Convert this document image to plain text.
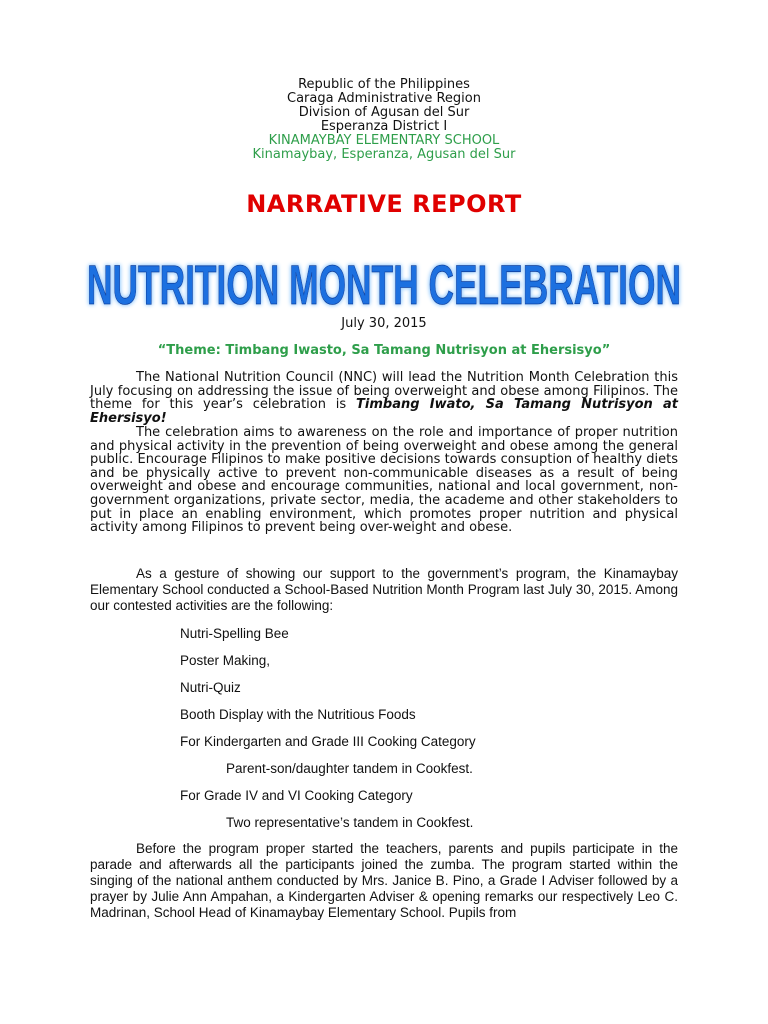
Republic of the Philippines
Caraga Administrative Region
Division of Agusan del Sur
Esperanza District I
KINAMAYBAY ELEMENTARY SCHOOL
Kinamaybay, Esperanza, Agusan del Sur
NARRATIVE REPORT
NUTRITION MONTH CELEBRATION
July 30, 2015
“Theme: Timbang Iwasto, Sa Tamang Nutrisyon at Ehersisyo”
The National Nutrition Council (NNC) will lead the Nutrition Month Celebration this July focusing on addressing the issue of being overweight and obese among Filipinos. The theme for this year’s celebration is Timbang Iwato, Sa Tamang Nutrisyon at Ehersisyo!
The celebration aims to awareness on the role and importance of proper nutrition and physical activity in the prevention of being overweight and obese among the general public. Encourage Filipinos to make positive decisions towards consuption of healthy diets and be physically active to prevent non-communicable diseases as a result of being overweight and obese and encourage communities, national and local government, non-government organizations, private sector, media, the academe and other stakeholders to put in place an enabling environment, which promotes proper nutrition and physical activity among Filipinos to prevent being over-weight and obese.
As a gesture of showing our support to the government’s program, the Kinamaybay Elementary School conducted a School-Based Nutrition Month Program last July 30, 2015. Among our contested activities are the following:
Nutri-Spelling Bee
Poster Making,
Nutri-Quiz
Booth Display with the Nutritious Foods
For Kindergarten and Grade III Cooking Category
Parent-son/daughter tandem in Cookfest.
For Grade IV and VI Cooking Category
Two representative’s tandem in Cookfest.
Before the program proper started the teachers, parents and pupils participate in the parade and afterwards all the participants joined the zumba. The program started within the singing of the national anthem conducted by Mrs. Janice B. Pino, a Grade I Adviser followed by a prayer by Julie Ann Ampahan, a Kindergarten Adviser & opening remarks our respectively Leo C. Madrinan, School Head of Kinamaybay Elementary School. Pupils from
